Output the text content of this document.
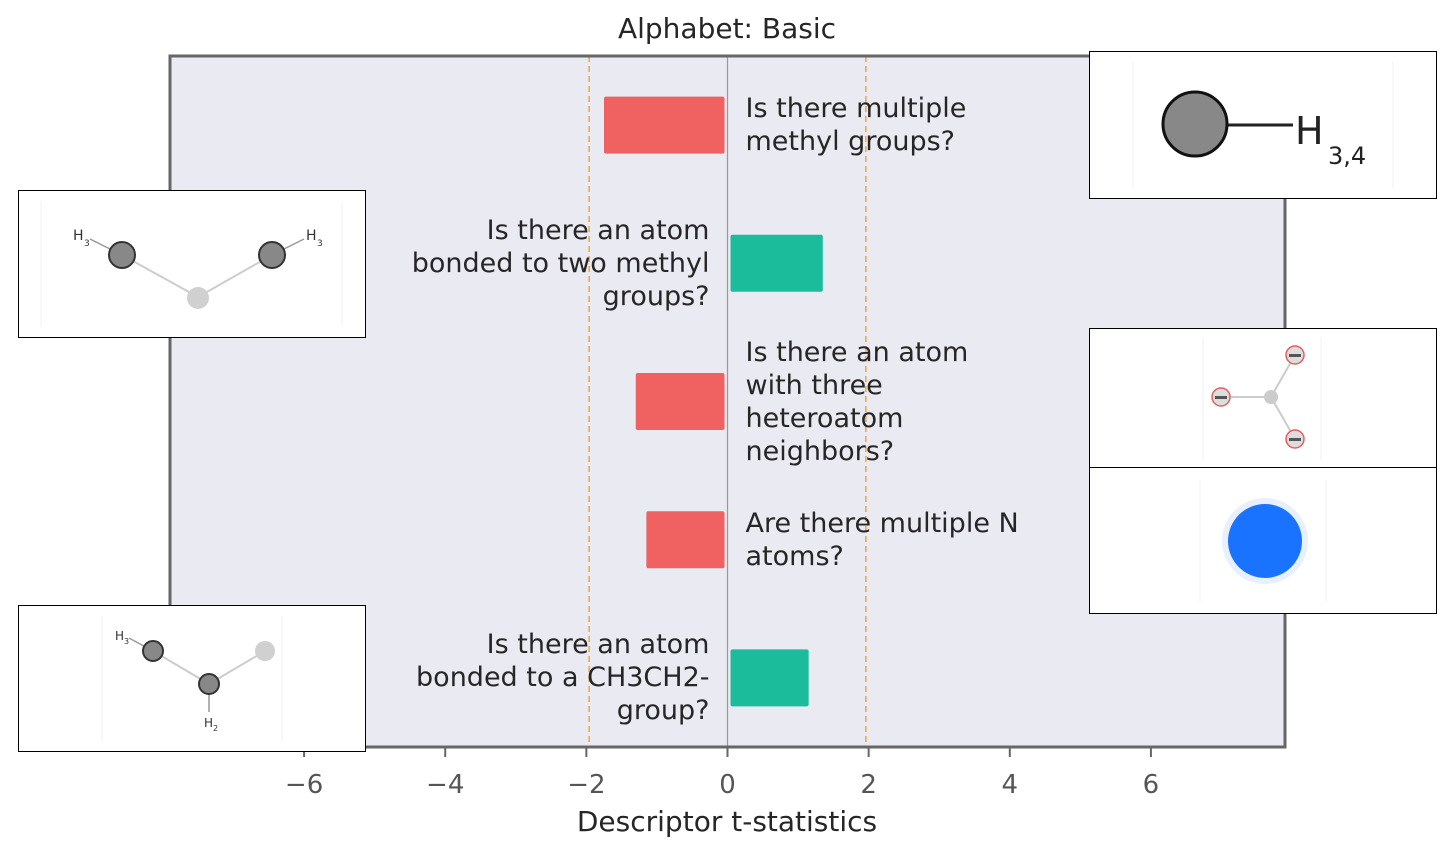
Alphabet: Basic
Descriptor t-statistics
−6	−4	−2	0	2	4	6
Is there multiple
methyl groups?
Is there an atom
bonded to two methyl
groups?
Is there an atom
with three
heteroatom
neighbors?
Are there multiple N
atoms?
Is there an atom
bonded to a CH3CH2-
group?
H
3,4
H 3	H 3
H 3
H 2
